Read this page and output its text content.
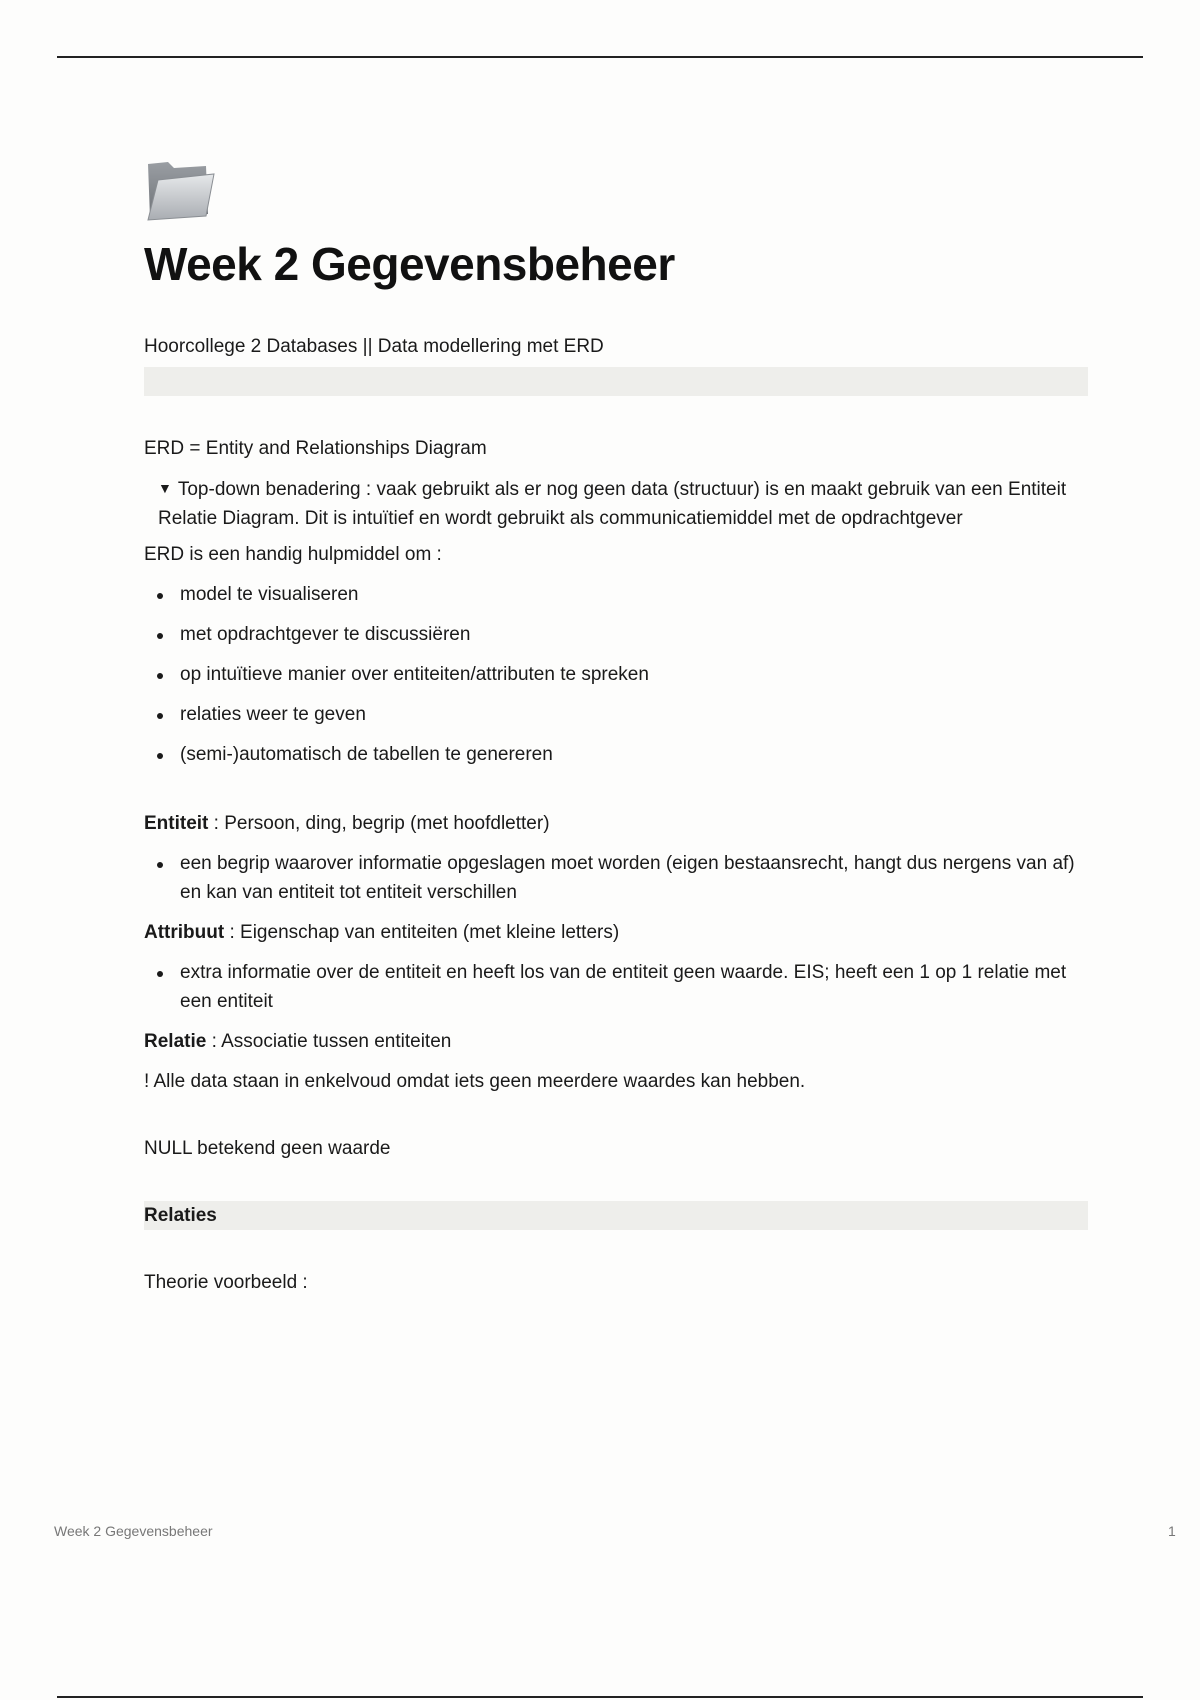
Week 2 Gegevensbeheer

Hoorcollege 2 Databases || Data modellering met ERD

ERD = Entity and Relationships Diagram

▼ Top-down benadering : vaak gebruikt als er nog geen data (structuur) is en maakt gebruik van een Entiteit Relatie Diagram. Dit is intuïtief en wordt gebruikt als communicatiemiddel met de opdrachtgever

ERD is een handig hulpmiddel om :

model te visualiseren
met opdrachtgever te discussiëren
op intuïtieve manier over entiteiten/attributen te spreken
relaties weer te geven
(semi-)automatisch de tabellen te genereren

Entiteit : Persoon, ding, begrip (met hoofdletter)

een begrip waarover informatie opgeslagen moet worden (eigen bestaansrecht, hangt dus nergens van af) en kan van entiteit tot entiteit verschillen

Attribuut : Eigenschap van entiteiten (met kleine letters)

extra informatie over de entiteit en heeft los van de entiteit geen waarde. EIS; heeft een 1 op 1 relatie met een entiteit

Relatie : Associatie tussen entiteiten

! Alle data staan in enkelvoud omdat iets geen meerdere waardes kan hebben.

NULL betekend geen waarde

Relaties

Theorie voorbeeld :

Week 2 Gegevensbeheer	1
